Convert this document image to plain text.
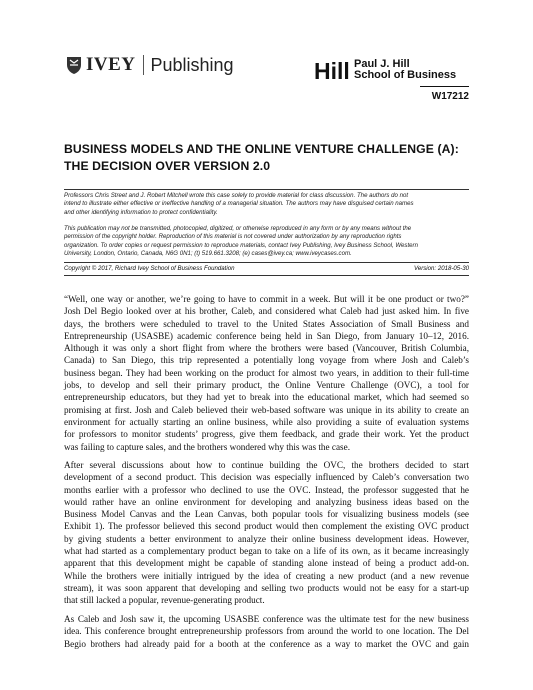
IVEY Publishing	Hill Paul J. Hill
School of Business
W17212
BUSINESS MODELS AND THE ONLINE VENTURE CHALLENGE (A):
THE DECISION OVER VERSION 2.0
Professors Chris Street and J. Robert Mitchell wrote this case solely to provide material for class discussion. The authors do not
intend to illustrate either effective or ineffective handling of a managerial situation. The authors may have disguised certain names
and other identifying information to protect confidentiality.
This publication may not be transmitted, photocopied, digitized, or otherwise reproduced in any form or by any means without the
permission of the copyright holder. Reproduction of this material is not covered under authorization by any reproduction rights
organization. To order copies or request permission to reproduce materials, contact Ivey Publishing, Ivey Business School, Western
University, London, Ontario, Canada, N6G 0N1; (t) 519.661.3208; (e) cases@ivey.ca; www.iveycases.com.
Copyright © 2017, Richard Ivey School of Business Foundation	Version: 2018-05-30
“Well, one way or another, we’re going to have to commit in a week. But will it be one product or two?”
Josh Del Begio looked over at his brother, Caleb, and considered what Caleb had just asked him. In five
days, the brothers were scheduled to travel to the United States Association of Small Business and
Entrepreneurship (USASBE) academic conference being held in San Diego, from January 10–12, 2016.
Although it was only a short flight from where the brothers were based (Vancouver, British Columbia,
Canada) to San Diego, this trip represented a potentially long voyage from where Josh and Caleb’s
business began. They had been working on the product for almost two years, in addition to their full-time
jobs, to develop and sell their primary product, the Online Venture Challenge (OVC), a tool for
entrepreneurship educators, but they had yet to break into the educational market, which had seemed so
promising at first. Josh and Caleb believed their web-based software was unique in its ability to create an
environment for actually starting an online business, while also providing a suite of evaluation systems
for professors to monitor students’ progress, give them feedback, and grade their work. Yet the product
was failing to capture sales, and the brothers wondered why this was the case.
After several discussions about how to continue building the OVC, the brothers decided to start
development of a second product. This decision was especially influenced by Caleb’s conversation two
months earlier with a professor who declined to use the OVC. Instead, the professor suggested that he
would rather have an online environment for developing and analyzing business ideas based on the
Business Model Canvas and the Lean Canvas, both popular tools for visualizing business models (see
Exhibit 1). The professor believed this second product would then complement the existing OVC product
by giving students a better environment to analyze their online business development ideas. However,
what had started as a complementary product began to take on a life of its own, as it became increasingly
apparent that this development might be capable of standing alone instead of being a product add-on.
While the brothers were initially intrigued by the idea of creating a new product (and a new revenue
stream), it was soon apparent that developing and selling two products would not be easy for a start-up
that still lacked a popular, revenue-generating product.
As Caleb and Josh saw it, the upcoming USASBE conference was the ultimate test for the new business
idea. This conference brought entrepreneurship professors from around the world to one location. The Del
Begio brothers had already paid for a booth at the conference as a way to market the OVC and gain
